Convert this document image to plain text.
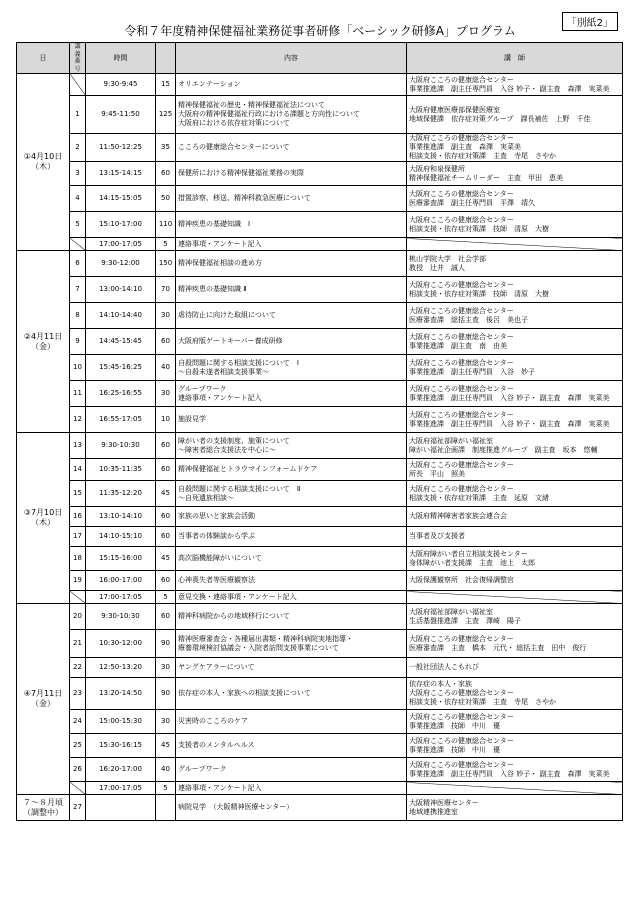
「別紙2」
令和７年度精神保健福祉業務従事者研修「ベーシック研修A」プログラム
日	講義番号	時間		内容	講　師
①4月10日（木）		9:30-9:45	15	オリエンテーション	大阪府こころの健康総合センター
事業推進課　副主任専門員　入谷 妙子・ 副主査　森澤　実菜美
	1	9:45-11:50	125	精神保健福祉の歴史・精神保健福祉法について
大阪府の精神保健福祉行政における課題と方向性について
大阪府における依存症対策について	大阪府健康医療部保健医療室
地域保健課　依存症対策グループ　課長補佐　上野　千佳
	2	11:50-12:25	35	こころの健康総合センターについて	大阪府こころの健康総合センター
事業推進課　副主査　森澤　実菜美
相談支援・依存症対策課　主査　寺尾　さやか
	3	13:15-14:15	60	保健所における精神保健福祉業務の実際	大阪府和泉保健所
精神保健福祉チームリーダー　主査　甲田　恵美
	4	14:15-15:05	50	措置診察、移送、精神科救急医療について	大阪府こころの健康総合センター
医療審査課　副主任専門員　平澤　靖久
	5	15:10-17:00	110	精神疾患の基礎知識　Ⅰ	大阪府こころの健康総合センター
相談支援・依存症対策課　技師　清原　大樹
		17:00-17:05	5	連絡事項・アンケート記入	
②4月11日（金）	6	9:30-12:00	150	精神保健福祉相談の進め方	桃山学院大学　社会学部
教授　辻井　誠人
	7	13:00-14:10	70	精神疾患の基礎知識 Ⅱ	大阪府こころの健康総合センター
相談支援・依存症対策課　技師　清原　大樹
	8	14:10-14:40	30	虐待防止に向けた取組について	大阪府こころの健康総合センター
医療審査課　総括主査　後呂　美也子
	9	14:45-15:45	60	大阪府版ゲートキーパー養成研修	大阪府こころの健康総合センター
事業推進課　副主査　南　由美
	10	15:45-16:25	40	自殺問題に関する相談支援について　Ⅰ
～自殺未遂者相談支援事業～	大阪府こころの健康総合センター
事業推進課　副主任専門員　入谷　妙子
	11	16:25-16:55	30	グループワーク
連絡事項・アンケート記入	大阪府こころの健康総合センター
事業推進課　副主任専門員　入谷 妙子・ 副主査　森澤　実菜美
	12	16:55-17:05	10	施設見学	大阪府こころの健康総合センター
事業推進課　副主任専門員　入谷 妙子・ 副主査　森澤　実菜美
③7月10日（木）	13	9:30-10:30	60	障がい者の支援制度、施策について
～障害者総合支援法を中心に～	大阪府福祉部障がい福祉室
障がい福祉企画課　制度推進グループ　副主査　坂本　悠輔
	14	10:35-11:35	60	精神保健福祉とトラウマインフォームドケア	大阪府こころの健康総合センター
所長　平山　照美
	15	11:35-12:20	45	自殺問題に関する相談支援について　Ⅱ
～自死遺族相談～	大阪府こころの健康総合センター
相談支援・依存症対策課　主査　延原　文緒
	16	13:10-14:10	60	家族の思いと家族会活動	大阪府精神障害者家族会連合会
	17	14:10-15:10	60	当事者の体験談から学ぶ	当事者及び支援者
	18	15:15-16:00	45	高次脳機能障がいについて	大阪府障がい者自立相談支援センター
身体障がい者支援課　主査　池上　太郎
	19	16:00-17:00	60	心神喪失者等医療観察法	大阪保護観察所　社会復帰調整官
		17:00-17:05	5	意見交換・連絡事項・アンケート記入	
④7月11日（金）	20	9:30-10:30	60	精神科病院からの地域移行について	大阪府福祉部障がい福祉室
生活基盤推進課　主査　澤崎　陽子
	21	10:30-12:00	90	精神医療審査会・各種届出書類・精神科病院実地指導・
療養環境検討協議会・入院者訪問支援事業について	大阪府こころの健康総合センター
医療審査課　主査　橋本　元代・ 総括主査　田中　俊行
	22	12:50-13:20	30	ヤングケアラーについて	一般社団法人こもれび
	23	13:20-14:50	90	依存症の本人・家族への相談支援について	依存症の本人・家族
大阪府こころの健康総合センター
相談支援・依存症対策課　主査　寺尾　さやか
	24	15:00-15:30	30	災害時のこころのケア	大阪府こころの健康総合センター
事業推進課　技師　中川　優
	25	15:30-16:15	45	支援者のメンタルヘルス	大阪府こころの健康総合センター
事業推進課　技師　中川　優
	26	16:20-17:00	40	グループワーク	大阪府こころの健康総合センター
事業推進課　副主任専門員　入谷 妙子・ 副主査　森澤　実菜美
		17:00-17:05	5	連絡事項・アンケート記入	
７～８月頃
（調整中）	27			病院見学　（大阪精神医療センター）	大阪精神医療センター
地域連携推進室
